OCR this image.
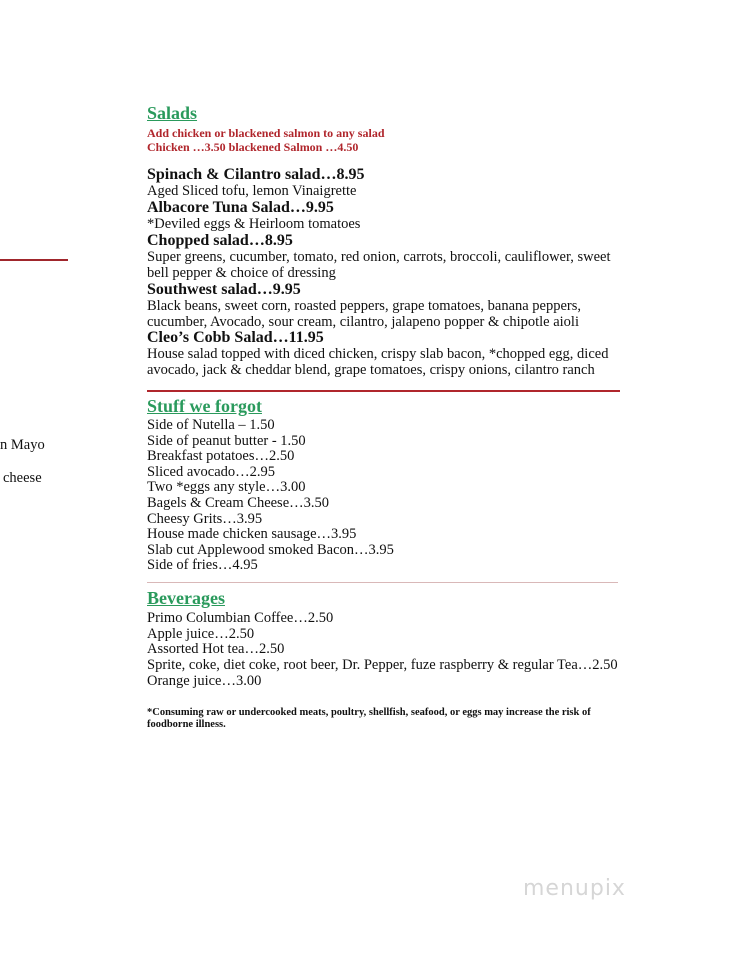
n Mayo
cheese
Salads
Add chicken or blackened salmon to any salad
Chicken …3.50 blackened Salmon …4.50
Spinach & Cilantro salad…8.95
Aged Sliced tofu, lemon Vinaigrette
Albacore Tuna Salad…9.95
*Deviled eggs & Heirloom tomatoes
Chopped salad…8.95
Super greens, cucumber, tomato, red onion, carrots, broccoli, cauliflower, sweet
bell pepper & choice of dressing
Southwest salad…9.95
Black beans, sweet corn, roasted peppers, grape tomatoes, banana peppers,
cucumber, Avocado, sour cream, cilantro, jalapeno popper & chipotle aioli
Cleo’s Cobb Salad…11.95
House salad topped with diced chicken, crispy slab bacon, *chopped egg, diced
avocado, jack & cheddar blend, grape tomatoes, crispy onions, cilantro ranch
Stuff we forgot
Side of Nutella – 1.50
Side of peanut butter - 1.50
Breakfast potatoes…2.50
Sliced avocado…2.95
Two *eggs any style…3.00
Bagels & Cream Cheese…3.50
Cheesy Grits…3.95
House made chicken sausage…3.95
Slab cut Applewood smoked Bacon…3.95
Side of fries…4.95
Beverages
Primo Columbian Coffee…2.50
Apple juice…2.50
Assorted Hot tea…2.50
Sprite, coke, diet coke, root beer, Dr. Pepper, fuze raspberry & regular Tea…2.50
Orange juice…3.00
*Consuming raw or undercooked meats, poultry, shellfish, seafood, or eggs may increase the risk of
foodborne illness.
menupix
